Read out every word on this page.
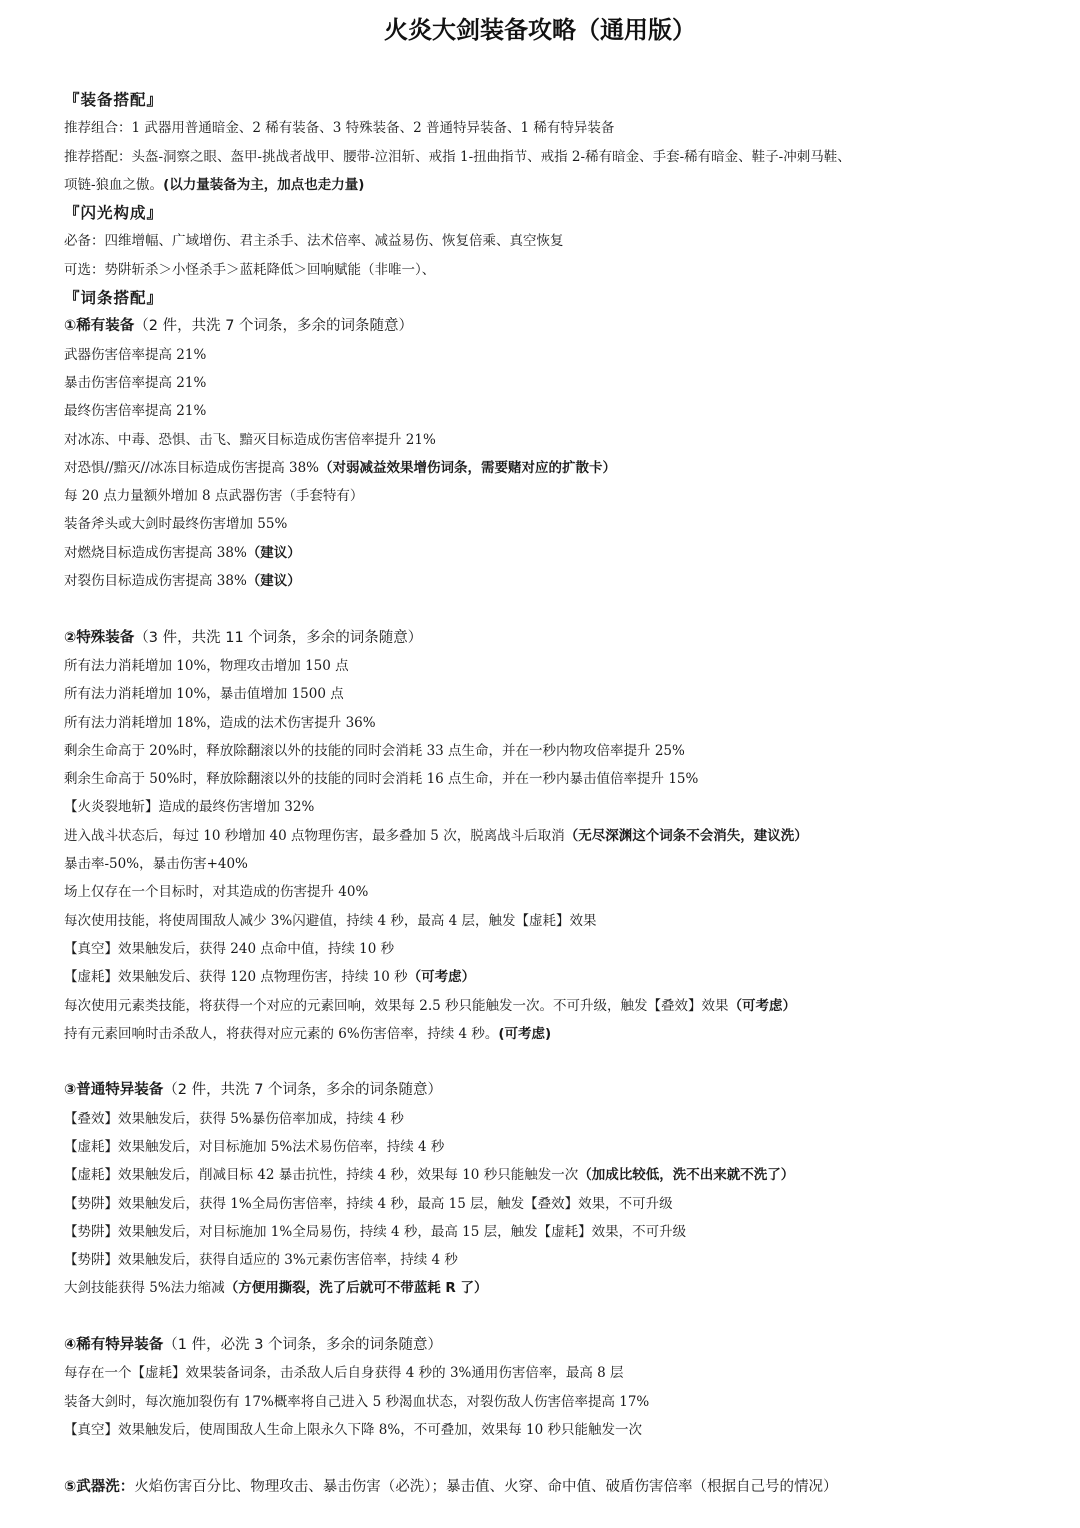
火炎大剑装备攻略（通用版）
『装备搭配』
推荐组合：1 武器用普通暗金、2 稀有装备、3 特殊装备、2 普通特异装备、1 稀有特异装备
推荐搭配：头盔-洞察之眼、盔甲-挑战者战甲、腰带-泣泪斩、戒指 1-扭曲指节、戒指 2-稀有暗金、手套-稀有暗金、鞋子-冲刺马鞋、
项链-狼血之傲。(以力量装备为主，加点也走力量)
『闪光构成』
必备：四维增幅、广域增伤、君主杀手、法术倍率、减益易伤、恢复倍乘、真空恢复
可选：势阱斩杀＞小怪杀手＞蓝耗降低＞回响赋能（非唯一）、
『词条搭配』
①稀有装备（2 件，共洗 7 个词条，多余的词条随意）
武器伤害倍率提高 21%
暴击伤害倍率提高 21%
最终伤害倍率提高 21%
对冰冻、中毒、恐惧、击飞、黯灭目标造成伤害倍率提升 21%
对恐惧//黯灭//冰冻目标造成伤害提高 38%（对弱减益效果增伤词条，需要赌对应的扩散卡）
每 20 点力量额外增加 8 点武器伤害（手套特有）
装备斧头或大剑时最终伤害增加 55%
对燃烧目标造成伤害提高 38%（建议）
对裂伤目标造成伤害提高 38%（建议）
②特殊装备（3 件，共洗 11 个词条，多余的词条随意）
所有法力消耗增加 10%，物理攻击增加 150 点
所有法力消耗增加 10%，暴击值增加 1500 点
所有法力消耗增加 18%，造成的法术伤害提升 36%
剩余生命高于 20%时，释放除翻滚以外的技能的同时会消耗 33 点生命，并在一秒内物攻倍率提升 25%
剩余生命高于 50%时，释放除翻滚以外的技能的同时会消耗 16 点生命，并在一秒内暴击值倍率提升 15%
【火炎裂地斩】造成的最终伤害增加 32%
进入战斗状态后，每过 10 秒增加 40 点物理伤害，最多叠加 5 次，脱离战斗后取消（无尽深渊这个词条不会消失，建议洗）
暴击率-50%，暴击伤害+40%
场上仅存在一个目标时，对其造成的伤害提升 40%
每次使用技能，将使周围敌人减少 3%闪避值，持续 4 秒，最高 4 层，触发【虚耗】效果
【真空】效果触发后，获得 240 点命中值，持续 10 秒
【虚耗】效果触发后、获得 120 点物理伤害，持续 10 秒（可考虑）
每次使用元素类技能，将获得一个对应的元素回响，效果每 2.5 秒只能触发一次。不可升级，触发【叠效】效果（可考虑）
持有元素回响时击杀敌人，将获得对应元素的 6%伤害倍率，持续 4 秒。(可考虑)
③普通特异装备（2 件，共洗 7 个词条，多余的词条随意）
【叠效】效果触发后，获得 5%暴伤倍率加成，持续 4 秒
【虚耗】效果触发后，对目标施加 5%法术易伤倍率，持续 4 秒
【虚耗】效果触发后，削减目标 42 暴击抗性，持续 4 秒，效果每 10 秒只能触发一次（加成比较低，洗不出来就不洗了）
【势阱】效果触发后，获得 1%全局伤害倍率，持续 4 秒，最高 15 层，触发【叠效】效果，不可升级
【势阱】效果触发后，对目标施加 1%全局易伤，持续 4 秒，最高 15 层，触发【虚耗】效果，不可升级
【势阱】效果触发后，获得自适应的 3%元素伤害倍率，持续 4 秒
大剑技能获得 5%法力缩减（方便用撕裂，洗了后就可不带蓝耗 R 了）
④稀有特异装备（1 件，必洗 3 个词条，多余的词条随意）
每存在一个【虚耗】效果装备词条，击杀敌人后自身获得 4 秒的 3%通用伤害倍率，最高 8 层
装备大剑时，每次施加裂伤有 17%概率将自己进入 5 秒渴血状态，对裂伤敌人伤害倍率提高 17%
【真空】效果触发后，使周围敌人生命上限永久下降 8%，不可叠加，效果每 10 秒只能触发一次
⑤武器洗：火焰伤害百分比、物理攻击、暴击伤害（必洗）；暴击值、火穿、命中值、破盾伤害倍率（根据自己号的情况）
